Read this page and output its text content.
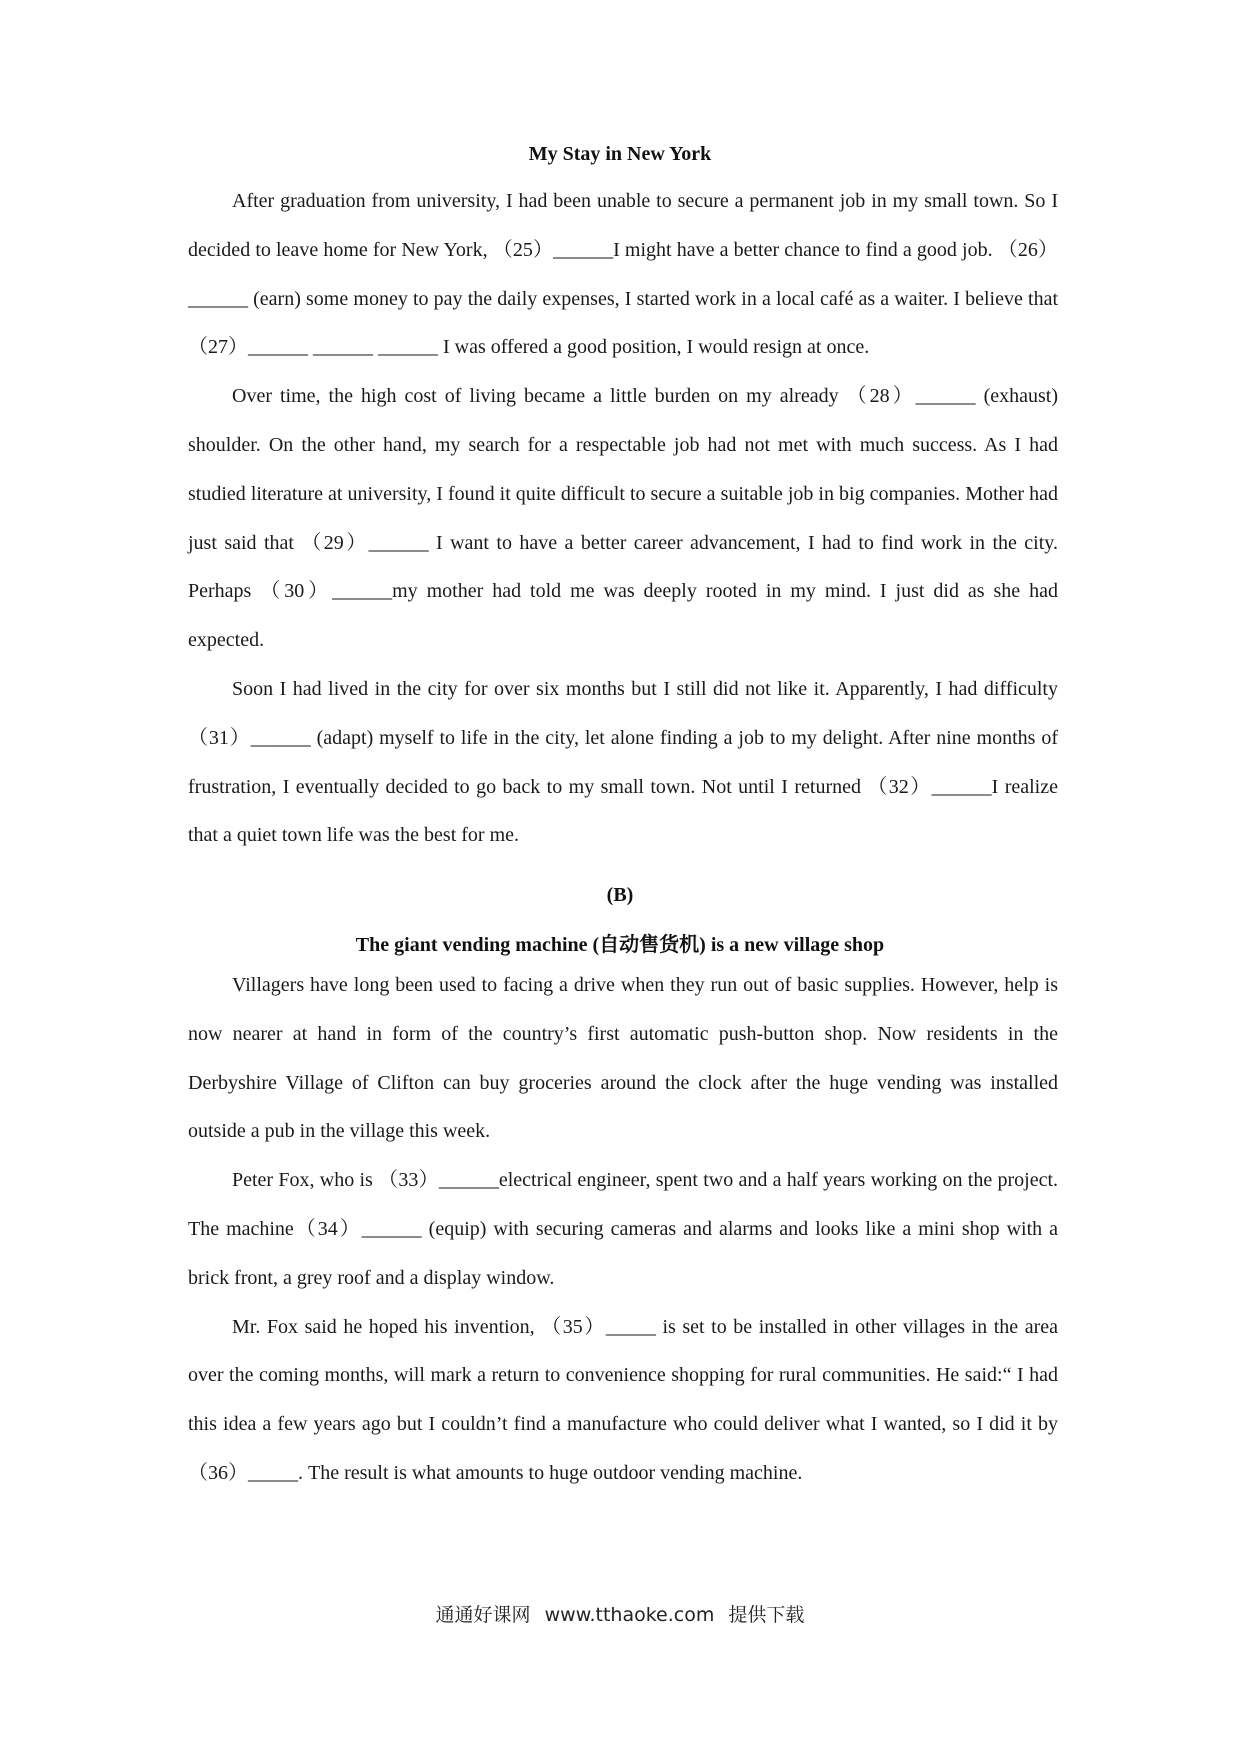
My Stay in New York

After graduation from university, I had been unable to secure a permanent job in my small town. So I decided to leave home for New York, （25）______I might have a better chance to find a good job. （26）______ (earn) some money to pay the daily expenses, I started work in a local café as a waiter. I believe that（27）______ ______ ______ I was offered a good position, I would resign at once.

Over time, the high cost of living became a little burden on my already （28）______ (exhaust) shoulder. On the other hand, my search for a respectable job had not met with much success. As I had studied literature at university, I found it quite difficult to secure a suitable job in big companies. Mother had just said that （29）______ I want to have a better career advancement, I had to find work in the city. Perhaps （30）______my mother had told me was deeply rooted in my mind. I just did as she had expected.

Soon I had lived in the city for over six months but I still did not like it. Apparently, I had difficulty （31）______ (adapt) myself to life in the city, let alone finding a job to my delight. After nine months of frustration, I eventually decided to go back to my small town. Not until I returned （32）______I realize that a quiet town life was the best for me.

(B)
The giant vending machine (自动售货机) is a new village shop

Villagers have long been used to facing a drive when they run out of basic supplies. However, help is now nearer at hand in form of the country’s first automatic push-button shop. Now residents in the Derbyshire Village of Clifton can buy groceries around the clock after the huge vending was installed outside a pub in the village this week.

Peter Fox, who is （33）______electrical engineer, spent two and a half years working on the project. The machine（34）______ (equip) with securing cameras and alarms and looks like a mini shop with a brick front, a grey roof and a display window.

Mr. Fox said he hoped his invention, （35）_____ is set to be installed in other villages in the area over the coming months, will mark a return to convenience shopping for rural communities. He said:“ I had this idea a few years ago but I couldn’t find a manufacture who could deliver what I wanted, so I did it by（36）_____. The result is what amounts to huge outdoor vending machine.

通通好课网 www.tthaoke.com 提供下载
